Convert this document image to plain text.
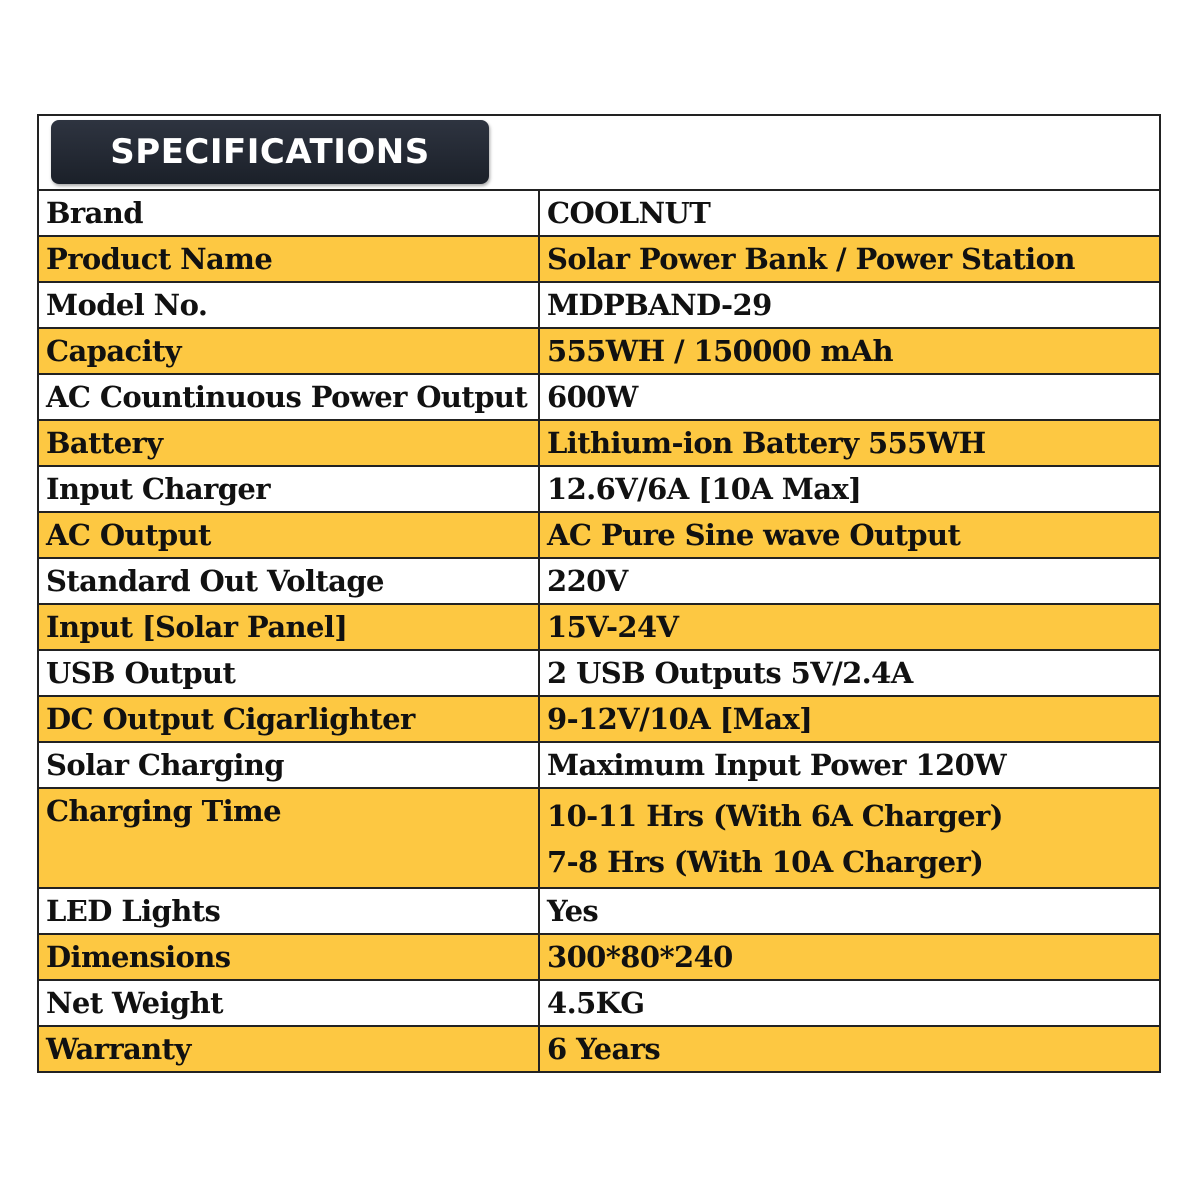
SPECIFICATIONS
Brand	COOLNUT

Product Name	Solar Power Bank / Power Station

Model No.	MDPBAND-29

Capacity	555WH / 150000 mAh

AC Countinuous Power Output	600W

Battery	Lithium-ion Battery 555WH

Input Charger	12.6V/6A [10A Max]

AC Output	AC Pure Sine wave Output

Standard Out Voltage	220V

Input [Solar Panel]	15V-24V

USB Output	2 USB Outputs 5V/2.4A

DC Output Cigarlighter	9-12V/10A [Max]

Solar Charging	Maximum Input Power 120W

Charging Time	10-11 Hrs (With 6A Charger)
7-8 Hrs (With 10A Charger)

LED Lights	Yes

Dimensions	300*80*240

Net Weight	4.5KG

Warranty	6 Years
